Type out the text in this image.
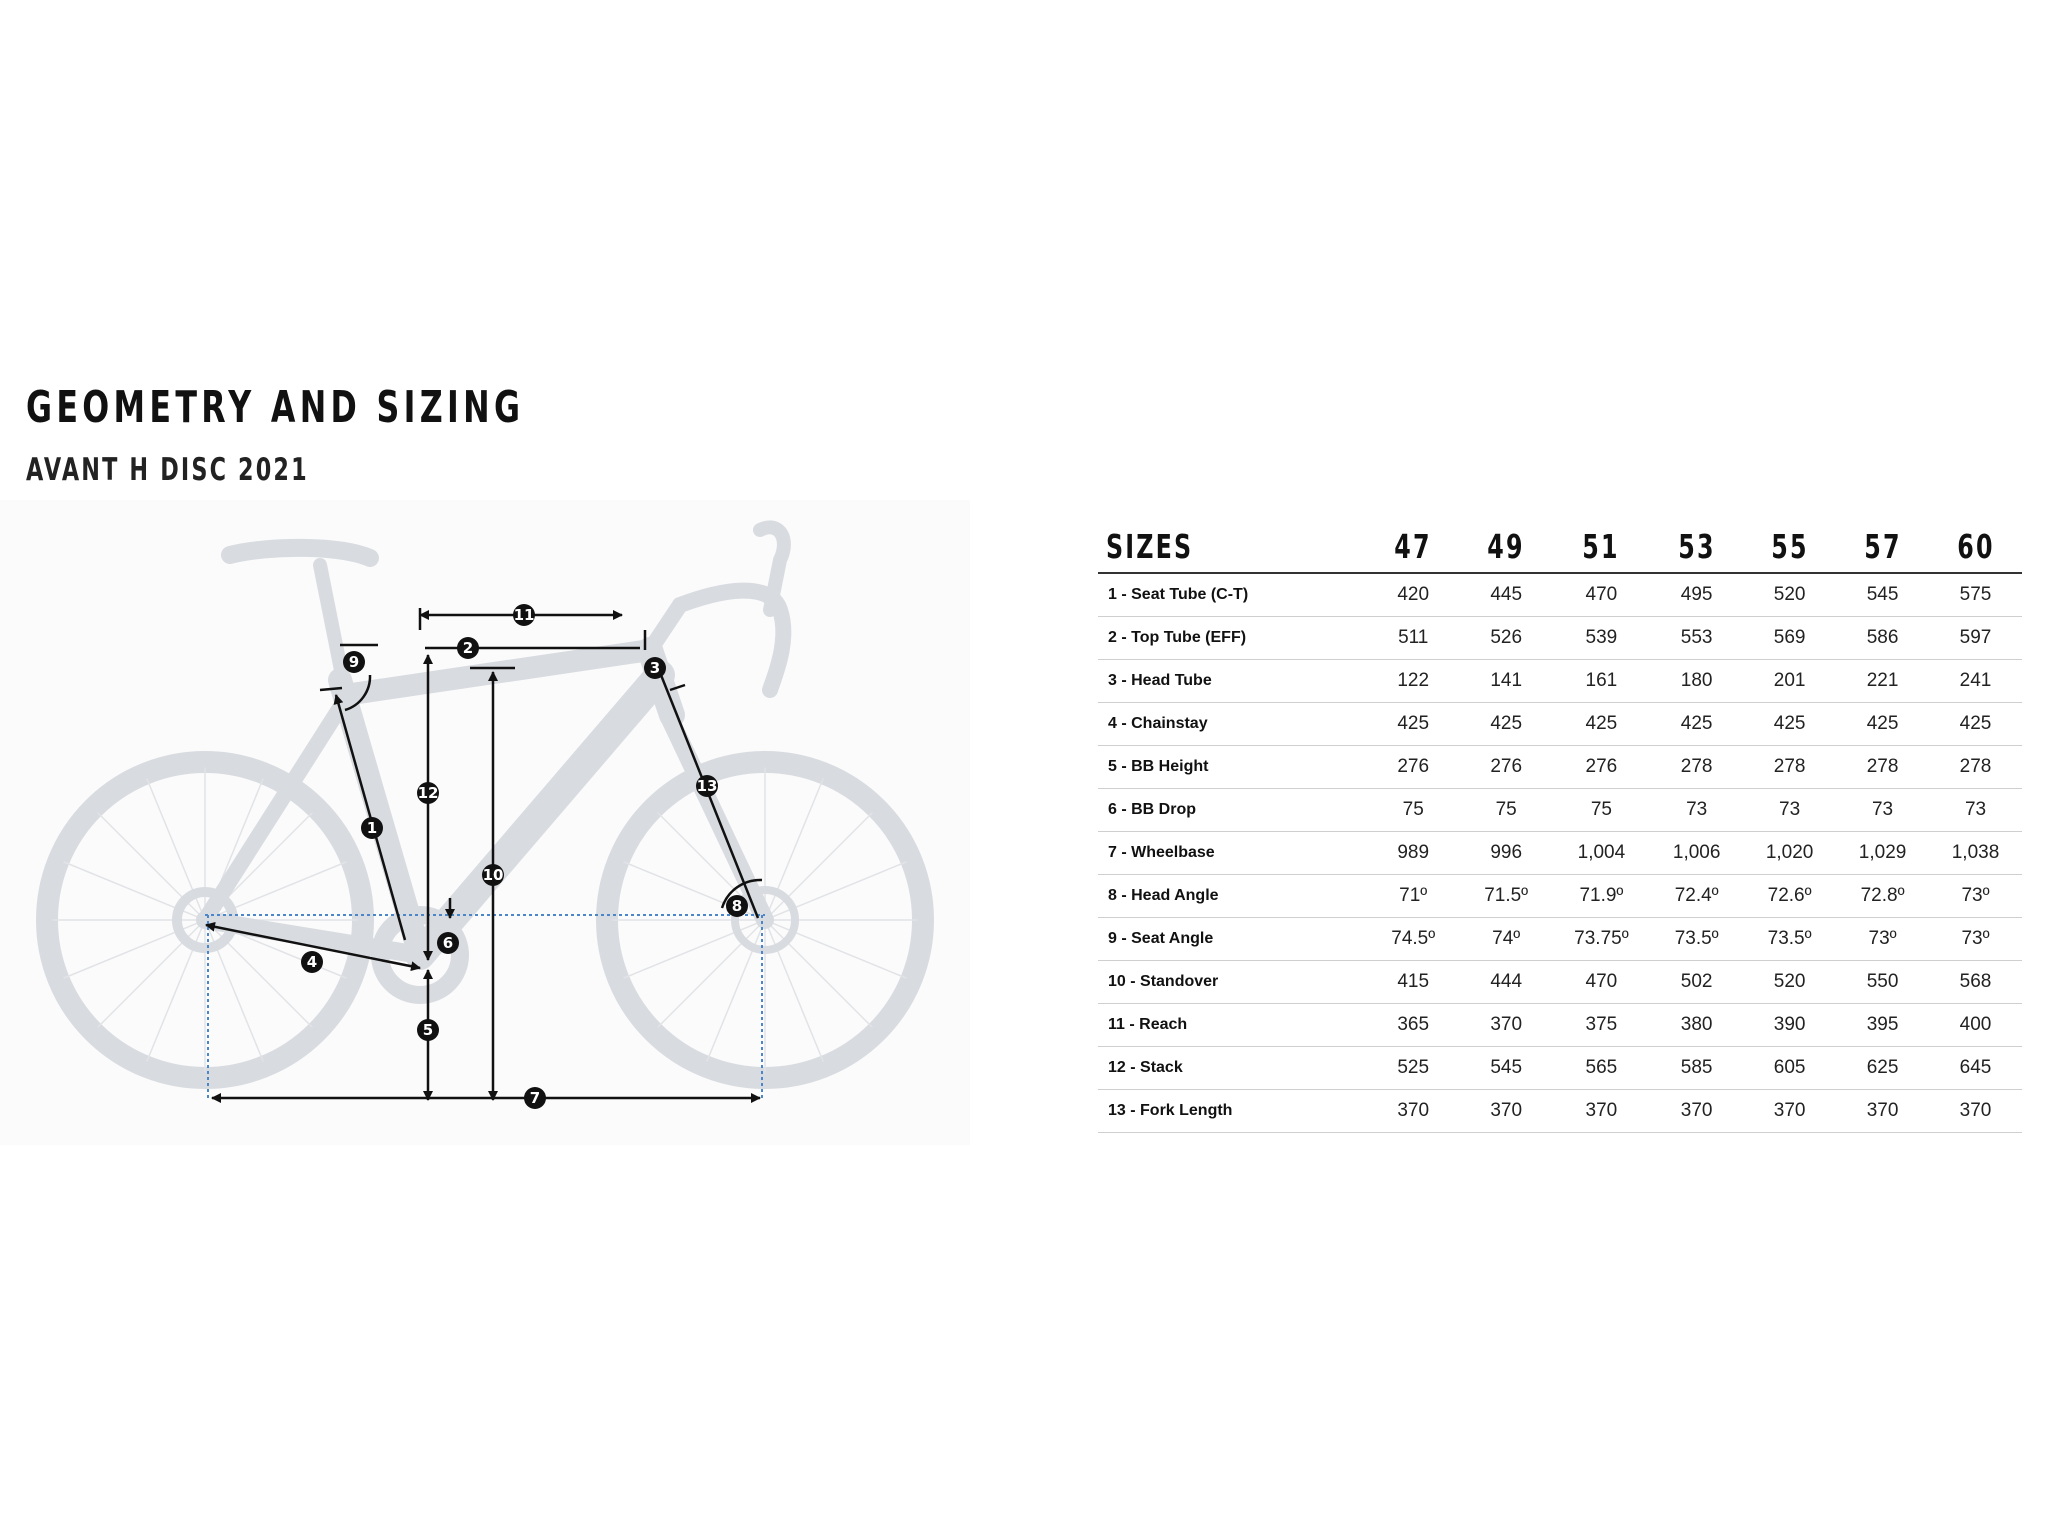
GEOMETRY AND SIZING
AVANT H DISC 2021
1
2
3
4
5
6
7
8
9
10
11
12	13
SIZES	47	49	51	53	55	57	60
1 - Seat Tube (C-T)	420	445	470	495	520	545	575
2 - Top Tube (EFF)	511	526	539	553	569	586	597
3 - Head Tube	122	141	161	180	201	221	241
4 - Chainstay	425	425	425	425	425	425	425
5 - BB Height	276	276	276	278	278	278	278
6 - BB Drop	75	75	75	73	73	73	73
7 - Wheelbase	989	996	1,004	1,006	1,020	1,029	1,038
8 - Head Angle	71º	71.5º	71.9º	72.4º	72.6º	72.8º	73º
9 - Seat Angle	74.5º	74º	73.75º	73.5º	73.5º	73º	73º
10 - Standover	415	444	470	502	520	550	568
11 - Reach	365	370	375	380	390	395	400
12 - Stack	525	545	565	585	605	625	645
13 - Fork Length	370	370	370	370	370	370	370
